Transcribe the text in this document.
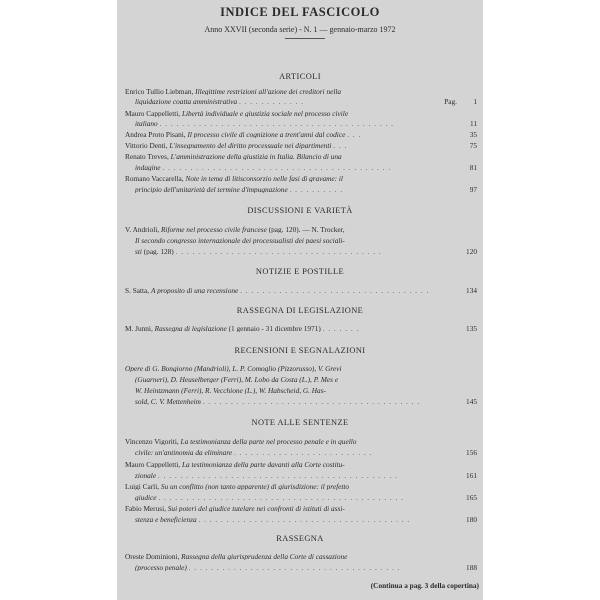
INDICE DEL FASCICOLO
Anno XXVII (seconda serie) - N. 1 — gennaio-marzo 1972
ARTICOLI
Enrico Tullio Liebman, Illegittime restrizioni all'azione dei creditori nella
liquidazione coatta amministrativa . . . . . . . . . . . .	Pag. 1
Mauro Cappelletti, Libertà individuale e giustizia sociale nel processo civile
italiano . . . . . . . . . . . . . . . . . . . . . . . . . . . . . . . . . . . . . . . . . .	11
Andrea Proto Pisani, Il processo civile di cognizione a trent'anni dal codice . . .	35
Vittorio Denti, L'insegnamento del diritto processuale nei dipartimenti . . .	75
Renato Treves, L'amministrazione della giustizia in Italia. Bilancio di una
indagine . . . . . . . . . . . . . . . . . . . . . . . . . . . . . . . . . . . . . . . . .	81
Romano Vaccarella, Note in tema di litisconsorzio nelle fasi di gravame: il
principio dell'unitarietà del termine d'impugnazione . . . . . . . . . .	97
DISCUSSIONI E VARIETÀ
V. Andrioli, Riforme nel processo civile francese (pag. 120). — N. Trocker,
Il secondo congresso internazionale dei processualisti dei paesi sociali-
sti (pag. 128) . . . . . . . . . . . . . . . . . . . . . . . . . . . . . . . . . . . . .	120
NOTIZIE E POSTILLE
S. Satta, A proposito di una recensione . . . . . . . . . . . . . . . . . . . . . . . . . . . . . . . . . .	134
RASSEGNA DI LEGISLAZIONE
M. Junni, Rassegna di legislazione (1 gennaio - 31 dicembre 1971) . . . . . . .	135
RECENSIONI E SEGNALAZIONI
Opere di G. Bongiorno (Mandrioli), L. P. Comoglio (Pizzorusso), V. Grevi
(Guarneri), D. Heuselberger (Ferri), M. Lobo da Costa (L.), P. Mes e
W. Heintzmann (Ferri), R. Vecchione (L.), W. Habscheid, G. Has-
sold, C. V. Mettenheim . . . . . . . . . . . . . . . . . . . . . . . . . . . . . . . . . . . . . . .	145
NOTE ALLE SENTENZE
Vincenzo Vigoriti, La testimonianza della parte nel processo penale e in quello
civile: un'antinomia da eliminare . . . . . . . . . . . . . . . . . . . . . . . . .	156
Mauro Cappelletti, La testimonianza della parte davanti alla Corte costitu-
zionale . . . . . . . . . . . . . . . . . . . . . . . . . . . . . . . . . . . . . . . . . . .	161
Luigi Carli, Su un conflitto (non tanto apparente) di giurisdizione: il prefetto
giudice . . . . . . . . . . . . . . . . . . . . . . . . . . . . . . . . . . . . . . . . . . . .	165
Fabio Merusi, Sui poteri del giudice tutelare nei confronti di istituti di assi-
stenza e beneficienza . . . . . . . . . . . . . . . . . . . . . . . . . . . . . . . . . . . . . .	180
RASSEGNA
Oreste Dominioni, Rassegna della giurisprudenza della Corte di cassazione
(processo penale) . . . . . . . . . . . . . . . . . . . . . . . . . . . . . . . . . . . . . .	188
(Continua a pag. 3 della copertina)
